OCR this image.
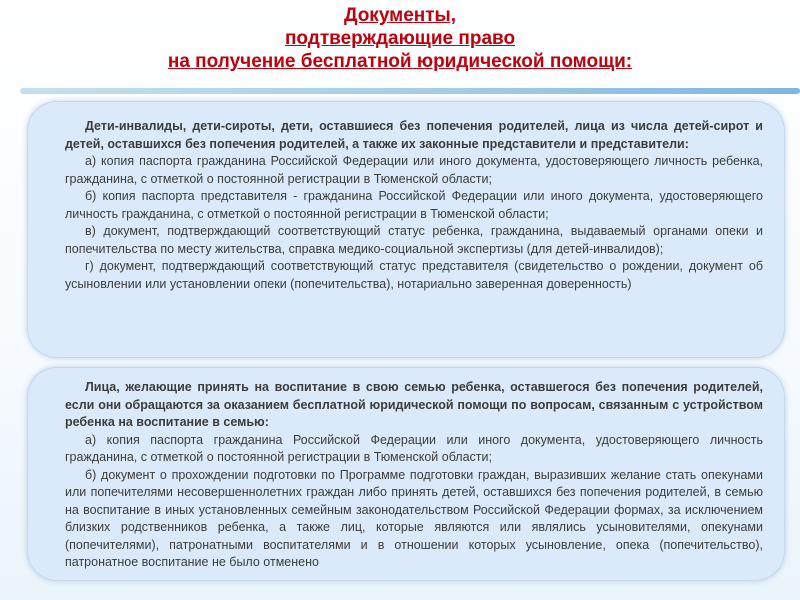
Документы,
подтверждающие право
на получение бесплатной юридической помощи:

Дети-инвалиды, дети-сироты, дети, оставшиеся без попечения родителей, лица из числа детей-сирот и детей, оставшихся без попечения родителей, а также их законные представители и представители:

а) копия паспорта гражданина Российской Федерации или иного документа, удостоверяющего личность ребенка, гражданина, с отметкой о постоянной регистрации в Тюменской области;

б) копия паспорта представителя - гражданина Российской Федерации или иного документа, удостоверяющего личность гражданина, с отметкой о постоянной регистрации в Тюменской области;

в) документ, подтверждающий соответствующий статус ребенка, гражданина, выдаваемый органами опеки и попечительства по месту жительства, справка медико-социальной экспертизы (для детей-инвалидов);

г) документ, подтверждающий соответствующий статус представителя (свидетельство о рождении, документ об усыновлении или установлении опеки (попечительства), нотариально заверенная доверенность)

Лица, желающие принять на воспитание в свою семью ребенка, оставшегося без попечения родителей, если они обращаются за оказанием бесплатной юридической помощи по вопросам, связанным с устройством ребенка на воспитание в семью:

а) копия паспорта гражданина Российской Федерации или иного документа, удостоверяющего личность гражданина, с отметкой о постоянной регистрации в Тюменской области;

б) документ о прохождении подготовки по Программе подготовки граждан, выразивших желание стать опекунами или попечителями несовершеннолетних граждан либо принять детей, оставшихся без попечения родителей, в семью на воспитание в иных установленных семейным законодательством Российской Федерации формах, за исключением близких родственников ребенка, а также лиц, которые являются или являлись усыновителями, опекунами (попечителями), патронатными воспитателями и в отношении которых усыновление, опека (попечительство), патронатное воспитание не было отменено
